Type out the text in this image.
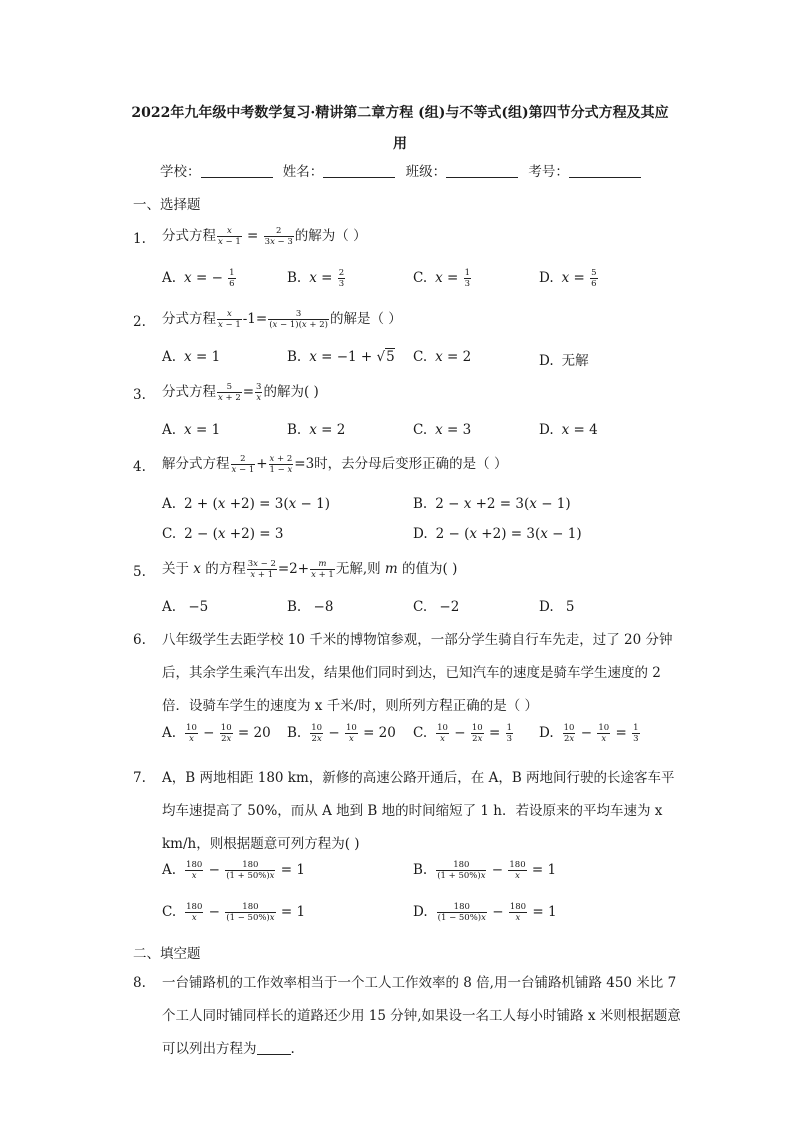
2022年九年级中考数学复习·精讲第二章方程 (组)与不等式(组)第四节分式方程及其应
用
学校：	姓名：	班级：	考号：
一、选择题
1. 分式方程 $\frac{x}{x - 1} = \frac{2}{3x - 3}$ 的解为（ ）
A. x = − $\frac{1}{6}$	B. $x = \frac{2}{3}$	C. $x = \frac{1}{3}$	D. $x = \frac{5}{6}$
2. 分式方程 $\frac{x}{x - 1} -1= \frac{3}{(x - 1)(x + 2)}$ 的解是（ ）
A. x = 1	B. x = −1 + √5 C. x = 2	D. 无解
3. 分式方程 $\frac{5}{x + 2} = \frac{3}{x}$ 的解为( )
A. x = 1	B. x = 2	C. x = 3	D. x = 4
4. 解分式方程 $\frac{2}{x - 1} + \frac{x + 2}{1 - x} =3$时，去分母后变形正确的是（ ）
A. 2 + (x +2) = 3(x − 1)	B. 2 − x +2 = 3(x − 1)
C. 2 − (x +2) = 3	D. 2 − (x +2) = 3(x − 1)
5. 关于 x 的方程 $\frac{3x - 2}{x + 1} =2+ \frac{m}{x + 1}$ 无解,则 m 的值为( )
A. −5	B. −8	C. −2	D. 5
6. 八年级学生去距学校 10 千米的博物馆参观，一部分学生骑自行车先走，过了 20 分钟后，其余学生乘汽车出发，结果他们同时到达，已知汽车的速度是骑车学生速度的 2 倍．设骑车学生的速度为 x 千米/时，则所列方程正确的是（ ）
A. $\frac{10}{x} - \frac{10}{2x} = 20$ B. $\frac{10}{2x} - \frac{10}{x} = 20$ C. $\frac{10}{x} - \frac{10}{2x} = \frac{1}{3} D$. $\frac{10}{2x} - \frac{10}{x} = \frac{1}{3}$
7. A，B 两地相距 180 km，新修的高速公路开通后，在 A，B 两地间行驶的长途客车平均车速提高了 50%，而从 A 地到 B 地的时间缩短了 1 h．若设原来的平均车速为 x km/h，则根据题意可列方程为( )
A. $\frac{180}{x} - \frac{180}{(1 + 50\%)x} = 1$	B. $\frac{180}{(1 + 50\%)x} - \frac{180}{x} = 1$
C. $\frac{180}{x} - \frac{180}{(1 - 50\%)x} = 1$	D. $\frac{180}{(1 - 50\%)x} - \frac{180}{x} = 1$
二、填空题
8. 一台铺路机的工作效率相当于一个工人工作效率的 8 倍,用一台铺路机铺路 450 米比 7 个工人同时铺同样长的道路还少用 15 分钟,如果设一名工人每小时铺路 x 米则根据题意可以列出方程为	.
